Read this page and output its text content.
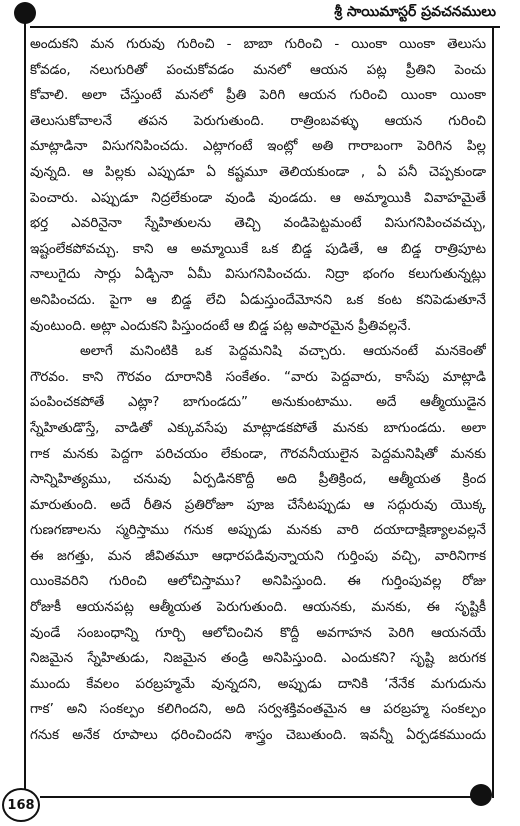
శ్రీ సాయిమాస్టర్ ప్రవచనములు
అందుకని మన గురువు గురించి - బాబా గురించి - యింకా యింకా తెలుసు
కోవడం, నలుగురితో పంచుకోవడం మనలో ఆయన పట్ల ప్రీతిని పెంచు
కోవాలి. అలా చేస్తుంటే మనలో ప్రీతి పెరిగి ఆయన గురించి యింకా యింకా
తెలుసుకోవాలనే తపన పెరుగుతుంది. రాత్రింబవళ్ళు ఆయన గురించి
మాట్లాడినా విసుగనిపించదు. ఎట్లాగంటే ఇంట్లో అతి గారాబంగా పెరిగిన పిల్ల
వున్నది. ఆ పిల్లకు ఎప్పుడూ ఏ కష్టమూ తెలియకుండా , ఏ పనీ చెప్పకుండా
పెంచారు. ఎప్పుడూ నిద్రలేకుండా వుండి వుండదు. ఆ అమ్మాయికి వివాహమైతే
భర్త ఎవరినైనా స్నేహితులను తెచ్చి వండిపెట్టమంటే విసుగనిపించవచ్చు,
ఇష్టంలేకపోవచ్చు. కాని ఆ అమ్మాయికే ఒక బిడ్డ పుడితే, ఆ బిడ్డ రాత్రిపూట
నాలుగైదు సార్లు ఏడ్చినా ఏమీ విసుగనిపించదు. నిద్రా భంగం కలుగుతున్నట్లు
అనిపించదు. పైగా ఆ బిడ్డ లేచి ఏడుస్తుందేమోనని ఒక కంట కనిపెడుతూనే
వుంటుంది. అట్లా ఎందుకని పిస్తుందంటే ఆ బిడ్డ పట్ల అపారమైన ప్రీతివల్లనే.
అలాగే మనింటికి ఒక పెద్దమనిషి వచ్చారు. ఆయనంటే మనకెంతో
గౌరవం. కాని గౌరవం దూరానికి సంకేతం. “వారు పెద్దవారు, కాసేపు మాట్లాడి
పంపించకపోతే ఎట్లా? బాగుండదు” అనుకుంటాము. అదే ఆత్మీయుడైన
స్నేహితుడొస్తే, వాడితో ఎక్కువసేపు మాట్లాడకపోతే మనకు బాగుండదు. అలా
గాక మనకు పెద్దగా పరిచయం లేకుండా, గౌరవనీయులైన పెద్దమనిషితో మనకు
సాన్నిహిత్యము, చనువు ఏర్పడినకొద్దీ అది ప్రీతిక్రింద, ఆత్మీయత క్రింద
మారుతుంది. అదే రీతిన ప్రతిరోజూ పూజ చేసేటప్పుడు ఆ సద్గురువు యొక్క
గుణగణాలను స్మరిస్తాము గనుక అప్పుడు మనకు వారి దయాదాక్షిణ్యాలవల్లనే
ఈ జగత్తు, మన జీవితమూ ఆధారపడివున్నాయని గుర్తింపు వచ్చి, వారినిగాక
యింకెవరిని గురించి ఆలోచిస్తాము? అనిపిస్తుంది. ఈ గుర్తింపువల్ల రోజు
రోజుకీ ఆయనపట్ల ఆత్మీయత పెరుగుతుంది. ఆయనకు, మనకు, ఈ సృష్టికీ
వుండే సంబంధాన్ని గూర్చి ఆలోచించిన కొద్దీ అవగాహన పెరిగి ఆయనయే
నిజమైన స్నేహితుడు, నిజమైన తండ్రి అనిపిస్తుంది. ఎందుకని? సృష్టి జరుగక
ముందు కేవలం పరబ్రహ్మమే వున్నదని, అప్పుడు దానికి ‘నేనేక మగుదును
గాక’ అని సంకల్పం కలిగిందని, అది సర్వశక్తివంతమైన ఆ పరబ్రహ్మ సంకల్పం
గనుక అనేక రూపాలు ధరించిందని శాస్త్రం చెబుతుంది. ఇవన్నీ ఏర్పడకముందు
168
